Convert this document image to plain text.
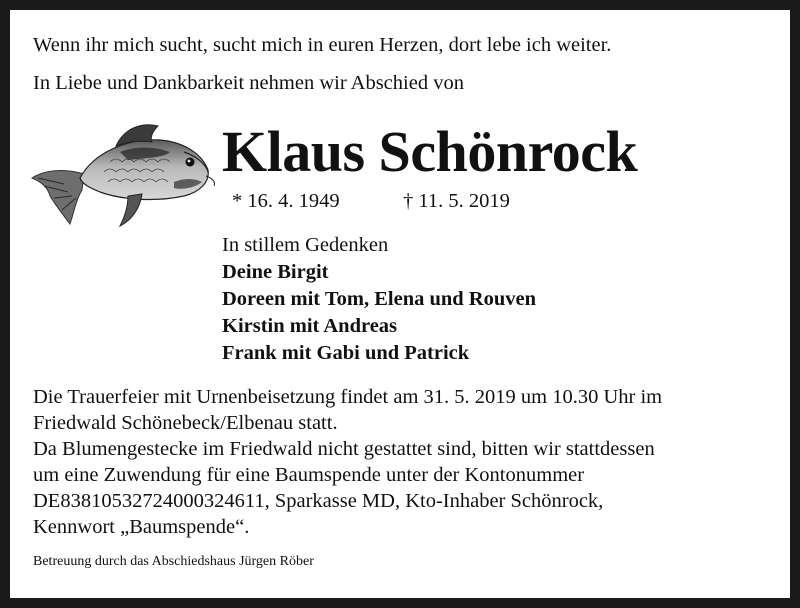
Wenn ihr mich sucht, sucht mich in euren Herzen, dort lebe ich weiter.
In Liebe und Dankbarkeit nehmen wir Abschied von
Klaus Schönrock
* 16. 4. 1949	† 11. 5. 2019
In stillem Gedenken
Deine Birgit
Doreen mit Tom, Elena und Rouven
Kirstin mit Andreas
Frank mit Gabi und Patrick
Die Trauerfeier mit Urnenbeisetzung findet am 31. 5. 2019 um 10.30 Uhr im
Friedwald Schönebeck/Elbenau statt.
Da Blumengestecke im Friedwald nicht gestattet sind, bitten wir stattdessen
um eine Zuwendung für eine Baumspende unter der Kontonummer
DE83810532724000324611, Sparkasse MD, Kto-Inhaber Schönrock,
Kennwort „Baumspende“.
Betreuung durch das Abschiedshaus Jürgen Röber
